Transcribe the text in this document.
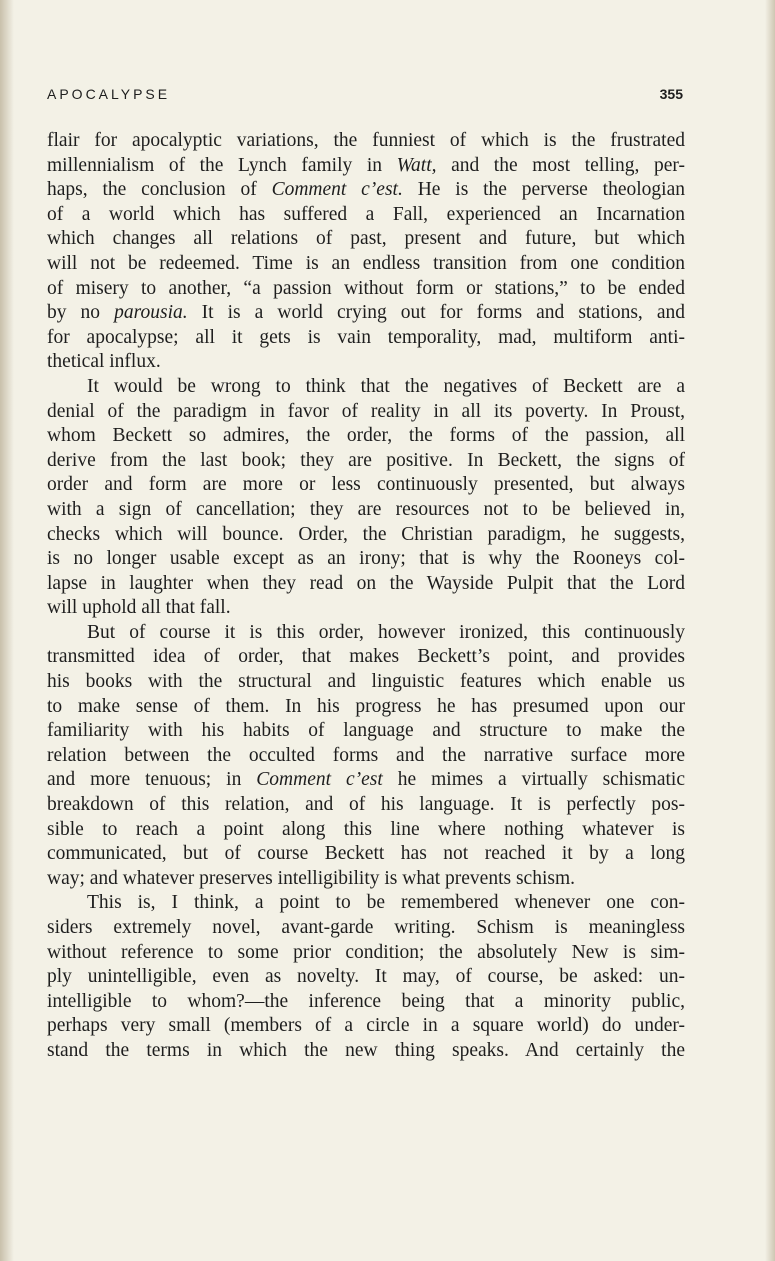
APOCALYPSE	355
flair for apocalyptic variations, the funniest of which is the frustrated
millennialism of the Lynch family in Watt, and the most telling, per-
haps, the conclusion of Comment c’est. He is the perverse theologian
of a world which has suffered a Fall, experienced an Incarnation
which changes all relations of past, present and future, but which
will not be redeemed. Time is an endless transition from one condition
of misery to another, “a passion without form or stations,” to be ended
by no parousia. It is a world crying out for forms and stations, and
for apocalypse; all it gets is vain temporality, mad, multiform anti-
thetical influx.
It would be wrong to think that the negatives of Beckett are a
denial of the paradigm in favor of reality in all its poverty. In Proust,
whom Beckett so admires, the order, the forms of the passion, all
derive from the last book; they are positive. In Beckett, the signs of
order and form are more or less continuously presented, but always
with a sign of cancellation; they are resources not to be believed in,
checks which will bounce. Order, the Christian paradigm, he suggests,
is no longer usable except as an irony; that is why the Rooneys col-
lapse in laughter when they read on the Wayside Pulpit that the Lord
will uphold all that fall.
But of course it is this order, however ironized, this continuously
transmitted idea of order, that makes Beckett’s point, and provides
his books with the structural and linguistic features which enable us
to make sense of them. In his progress he has presumed upon our
familiarity with his habits of language and structure to make the
relation between the occulted forms and the narrative surface more
and more tenuous; in Comment c’est he mimes a virtually schismatic
breakdown of this relation, and of his language. It is perfectly pos-
sible to reach a point along this line where nothing whatever is
communicated, but of course Beckett has not reached it by a long
way; and whatever preserves intelligibility is what prevents schism.
This is, I think, a point to be remembered whenever one con-
siders extremely novel, avant-garde writing. Schism is meaningless
without reference to some prior condition; the absolutely New is sim-
ply unintelligible, even as novelty. It may, of course, be asked: un-
intelligible to whom?—the inference being that a minority public,
perhaps very small (members of a circle in a square world) do under-
stand the terms in which the new thing speaks. And certainly the
